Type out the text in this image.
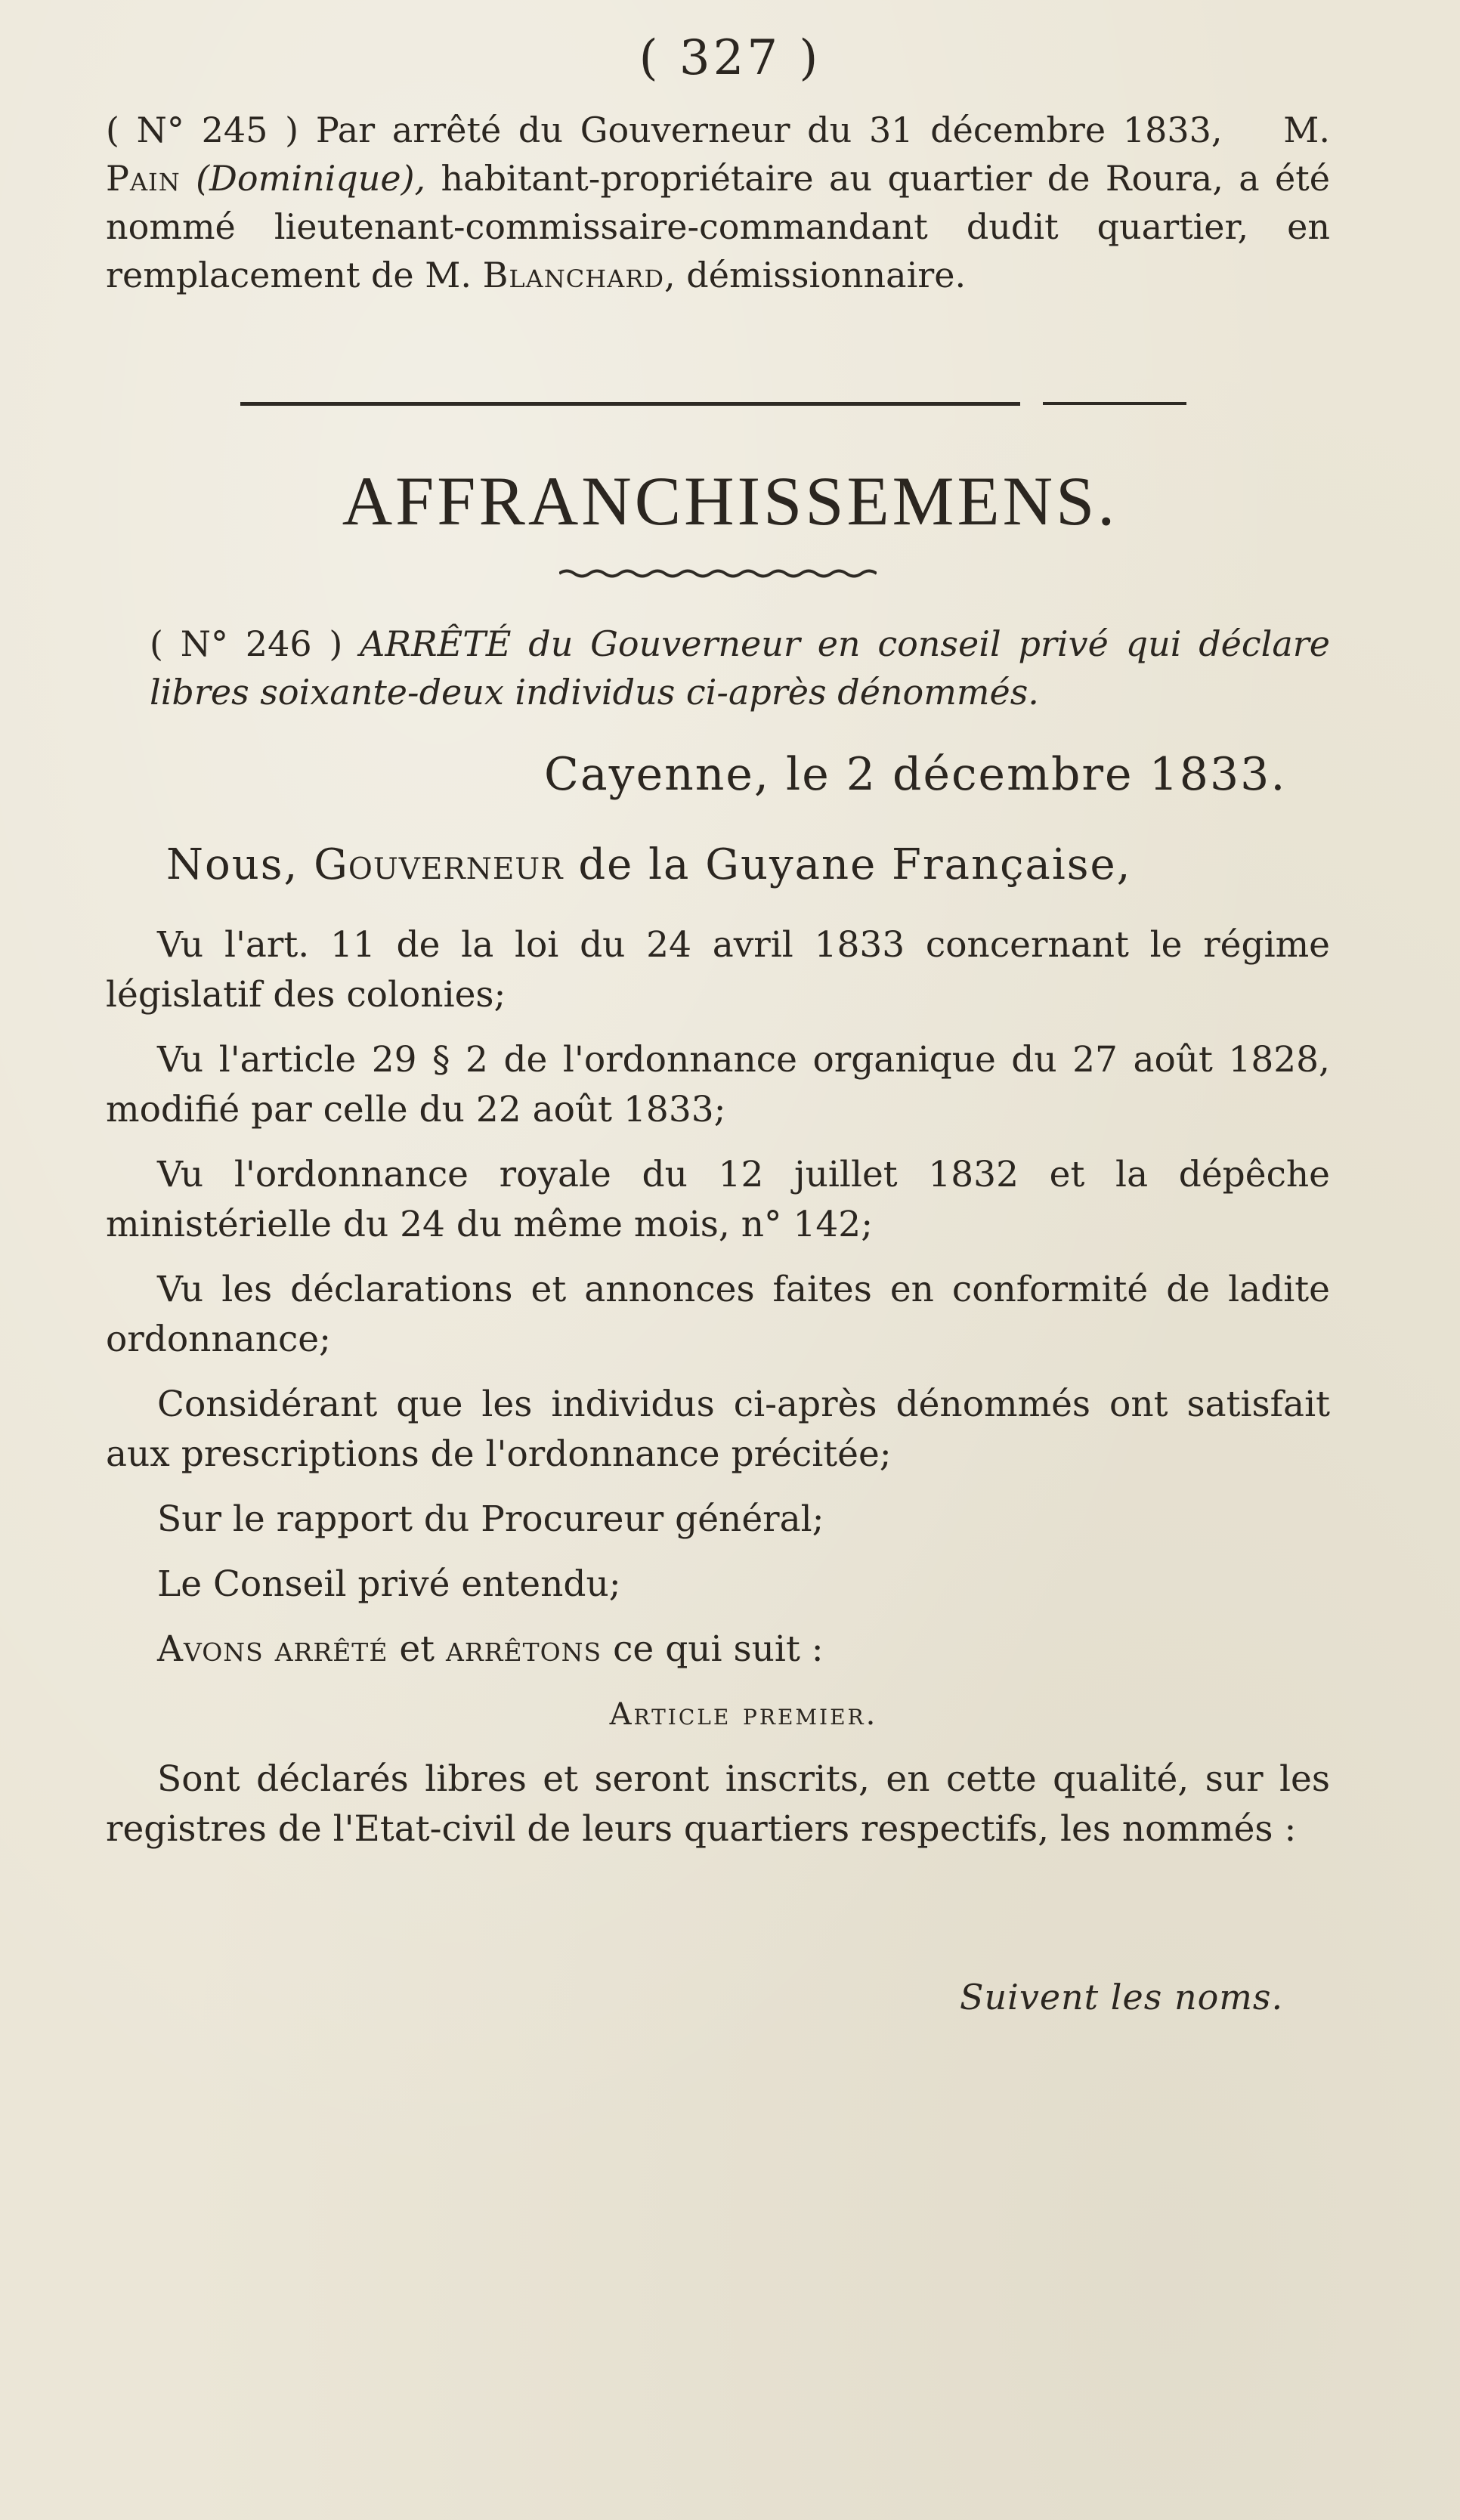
( 327 )
( N° 245 ) Par arrêté du Gouverneur du 31 décembre 1833, M. Pain (Dominique), habitant-propriétaire au quartier de Roura, a été nommé lieutenant-commissaire-commandant dudit quartier, en remplacement de M. Blanchard, démissionnaire.
AFFRANCHISSEMENS.
( N° 246 ) ARRÊTÉ du Gouverneur en conseil privé qui déclare libres soixante-deux individus ci-après dénommés.
Cayenne, le 2 décembre 1833.
Nous, Gouverneur de la Guyane Française,

Vu l'art. 11 de la loi du 24 avril 1833 concernant le régime législatif des colonies;

Vu l'article 29 § 2 de l'ordonnance organique du 27 août 1828, modifié par celle du 22 août 1833;

Vu l'ordonnance royale du 12 juillet 1832 et la dépêche ministérielle du 24 du même mois, n° 142;

Vu les déclarations et annonces faites en conformité de ladite ordonnance;

Considérant que les individus ci-après dénommés ont satisfait aux prescriptions de l'ordonnance précitée;

Sur le rapport du Procureur général;

Le Conseil privé entendu;

Avons arrêté et arrêtons ce qui suit :

Article premier.

Sont déclarés libres et seront inscrits, en cette qualité, sur les registres de l'Etat-civil de leurs quartiers respectifs, les nommés :

Suivent les noms.
